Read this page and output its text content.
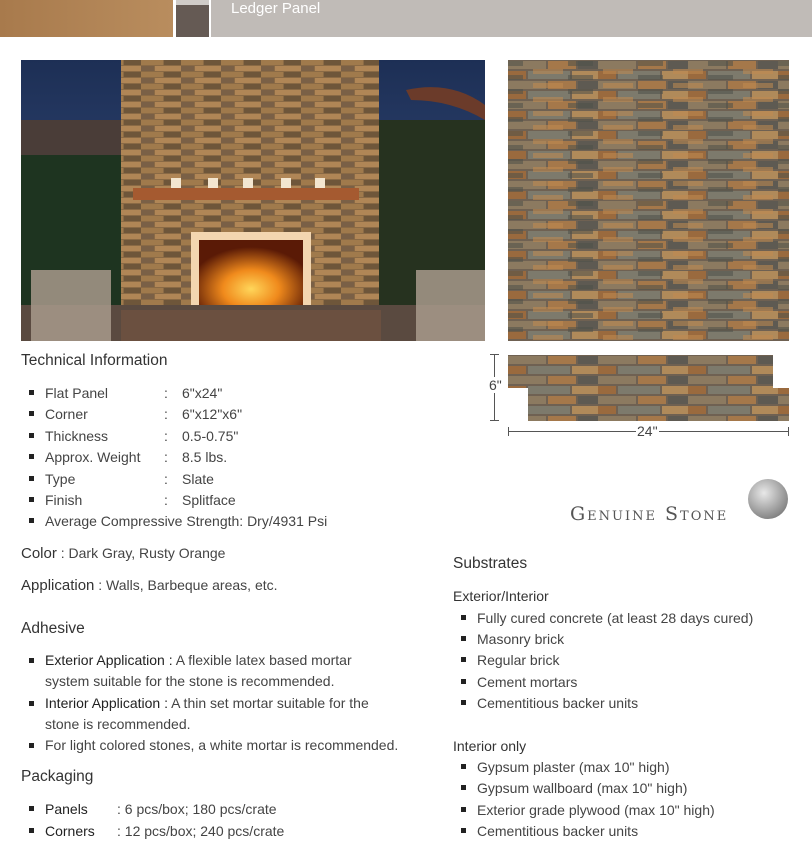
Ledger Panel
6"
24"
Technical Information
Flat Panel	: 6"x24"
Corner	: 6"x12"x6"
Thickness	: 0.5-0.75"
Approx. Weight : 8.5 lbs.
Type	: Slate
Finish	: Splitface
Average Compressive Strength: Dry/4931 Psi
Color : Dark Gray, Rusty Orange
Application : Walls, Barbeque areas, etc.
Adhesive
Exterior Application : A flexible latex based mortar
system suitable for the stone is recommended.
Interior Application : A thin set mortar suitable for the
stone is recommended.
For light colored stones, a white mortar is recommended.
Packaging
Panels : 6 pcs/box; 180 pcs/crate
Corners : 12 pcs/box; 240 pcs/crate
Genuine Stone
Substrates
Exterior/Interior
Fully cured concrete (at least 28 days cured)
Masonry brick
Regular brick
Cement mortars
Cementitious backer units
Interior only
Gypsum plaster (max 10" high)
Gypsum wallboard (max 10" high)
Exterior grade plywood (max 10" high)
Cementitious backer units
